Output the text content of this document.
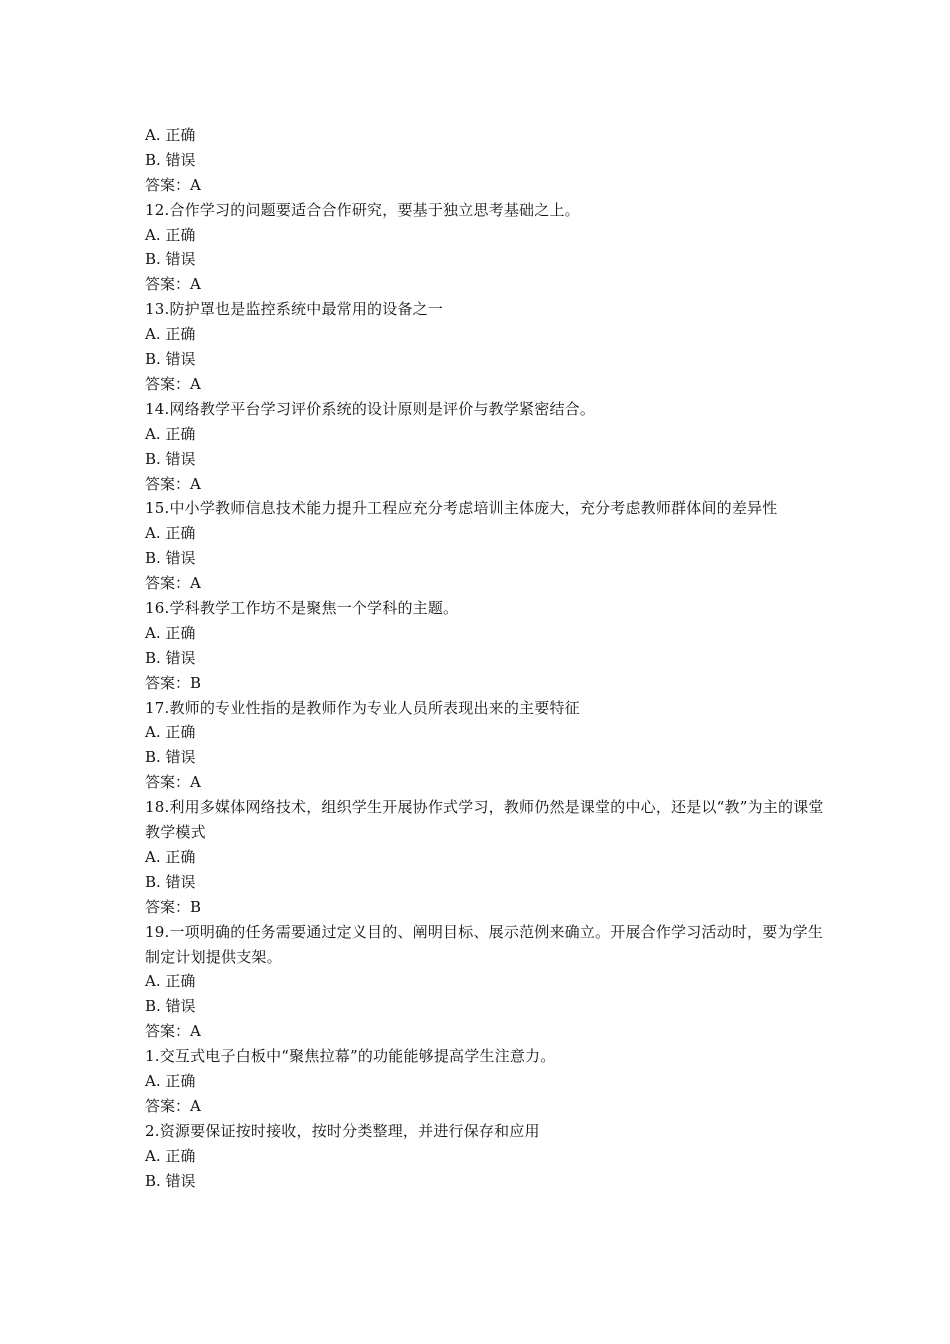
A. 正确
B. 错误
答案：A
12.合作学习的问题要适合合作研究，要基于独立思考基础之上。
A. 正确
B. 错误
答案：A
13.防护罩也是监控系统中最常用的设备之一
A. 正确
B. 错误
答案：A
14.网络教学平台学习评价系统的设计原则是评价与教学紧密结合。
A. 正确
B. 错误
答案：A
15.中小学教师信息技术能力提升工程应充分考虑培训主体庞大，充分考虑教师群体间的差异性
A. 正确
B. 错误
答案：A
16.学科教学工作坊不是聚焦一个学科的主题。
A. 正确
B. 错误
答案：B
17.教师的专业性指的是教师作为专业人员所表现出来的主要特征
A. 正确
B. 错误
答案：A
18.利用多媒体网络技术，组织学生开展协作式学习，教师仍然是课堂的中心，还是以“教”为主的课堂教学模式
A. 正确
B. 错误
答案：B
19.一项明确的任务需要通过定义目的、阐明目标、展示范例来确立。开展合作学习活动时，要为学生制定计划提供支架。
A. 正确
B. 错误
答案：A
1.交互式电子白板中“聚焦拉幕”的功能能够提高学生注意力。
A. 正确
答案：A
2.资源要保证按时接收，按时分类整理，并进行保存和应用
A. 正确
B. 错误
